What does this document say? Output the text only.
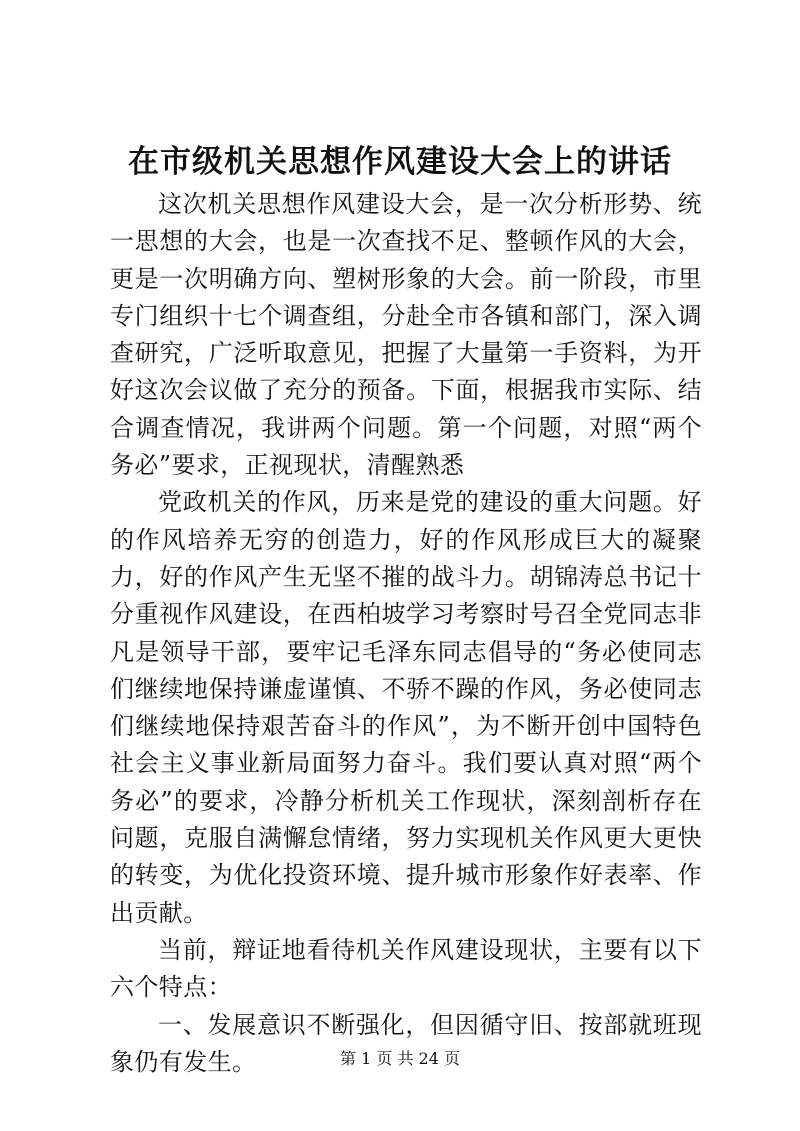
在市级机关思想作风建设大会上的讲话

这次机关思想作风建设大会，是一次分析形势、统一思想的大会，也是一次查找不足、整顿作风的大会，更是一次明确方向、塑树形象的大会。前一阶段，市里专门组织十七个调查组，分赴全市各镇和部门，深入调查研究，广泛听取意见，把握了大量第一手资料，为开好这次会议做了充分的预备。下面，根据我市实际、结合调查情况，我讲两个问题。第一个问题，对照“两个务必”要求，正视现状，清醒熟悉

党政机关的作风，历来是党的建设的重大问题。好的作风培养无穷的创造力，好的作风形成巨大的凝聚力，好的作风产生无坚不摧的战斗力。胡锦涛总书记十分重视作风建设，在西柏坡学习考察时号召全党同志非凡是领导干部，要牢记毛泽东同志倡导的“务必使同志们继续地保持谦虚谨慎、不骄不躁的作风，务必使同志们继续地保持艰苦奋斗的作风”，为不断开创中国特色社会主义事业新局面努力奋斗。我们要认真对照“两个务必”的要求，冷静分析机关工作现状，深刻剖析存在问题，克服自满懈怠情绪，努力实现机关作风更大更快的转变，为优化投资环境、提升城市形象作好表率、作出贡献。

当前，辩证地看待机关作风建设现状，主要有以下六个特点：

一、发展意识不断强化，但因循守旧、按部就班现象仍有发生。	第 1 页 共 24 页
